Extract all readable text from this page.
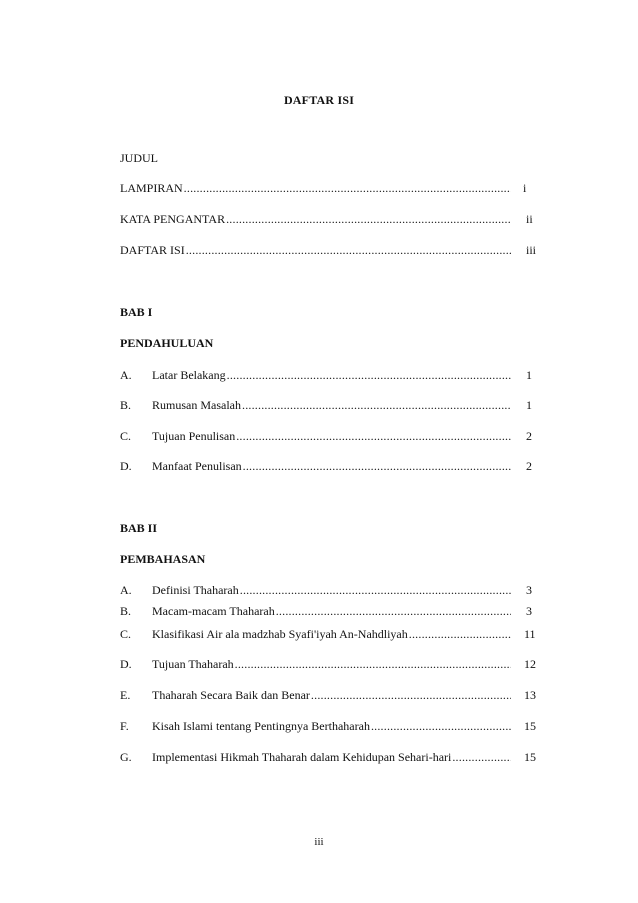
DAFTAR ISI
JUDUL
LAMPIRAN .....	i
KATA PENGANTAR .....	ii
DAFTAR ISI .....	iii
BAB I
PENDAHULUAN
A. Latar Belakang .....	1
B. Rumusan Masalah .....	1
C. Tujuan Penulisan .....	2
D. Manfaat Penulisan .....	2
BAB II
PEMBAHASAN
A. Definisi Thaharah .....	3
B. Macam-macam Thaharah .....	3
C. Klasifikasi Air ala madzhab Syafi'iyah An-Nahdliyah .....	11
D. Tujuan Thaharah .....	12
E. Thaharah Secara Baik dan Benar .....	13
F. Kisah Islami tentang Pentingnya Berthaharah .....	15
G. Implementasi Hikmah Thaharah dalam Kehidupan Sehari-hari .....	15
iii
